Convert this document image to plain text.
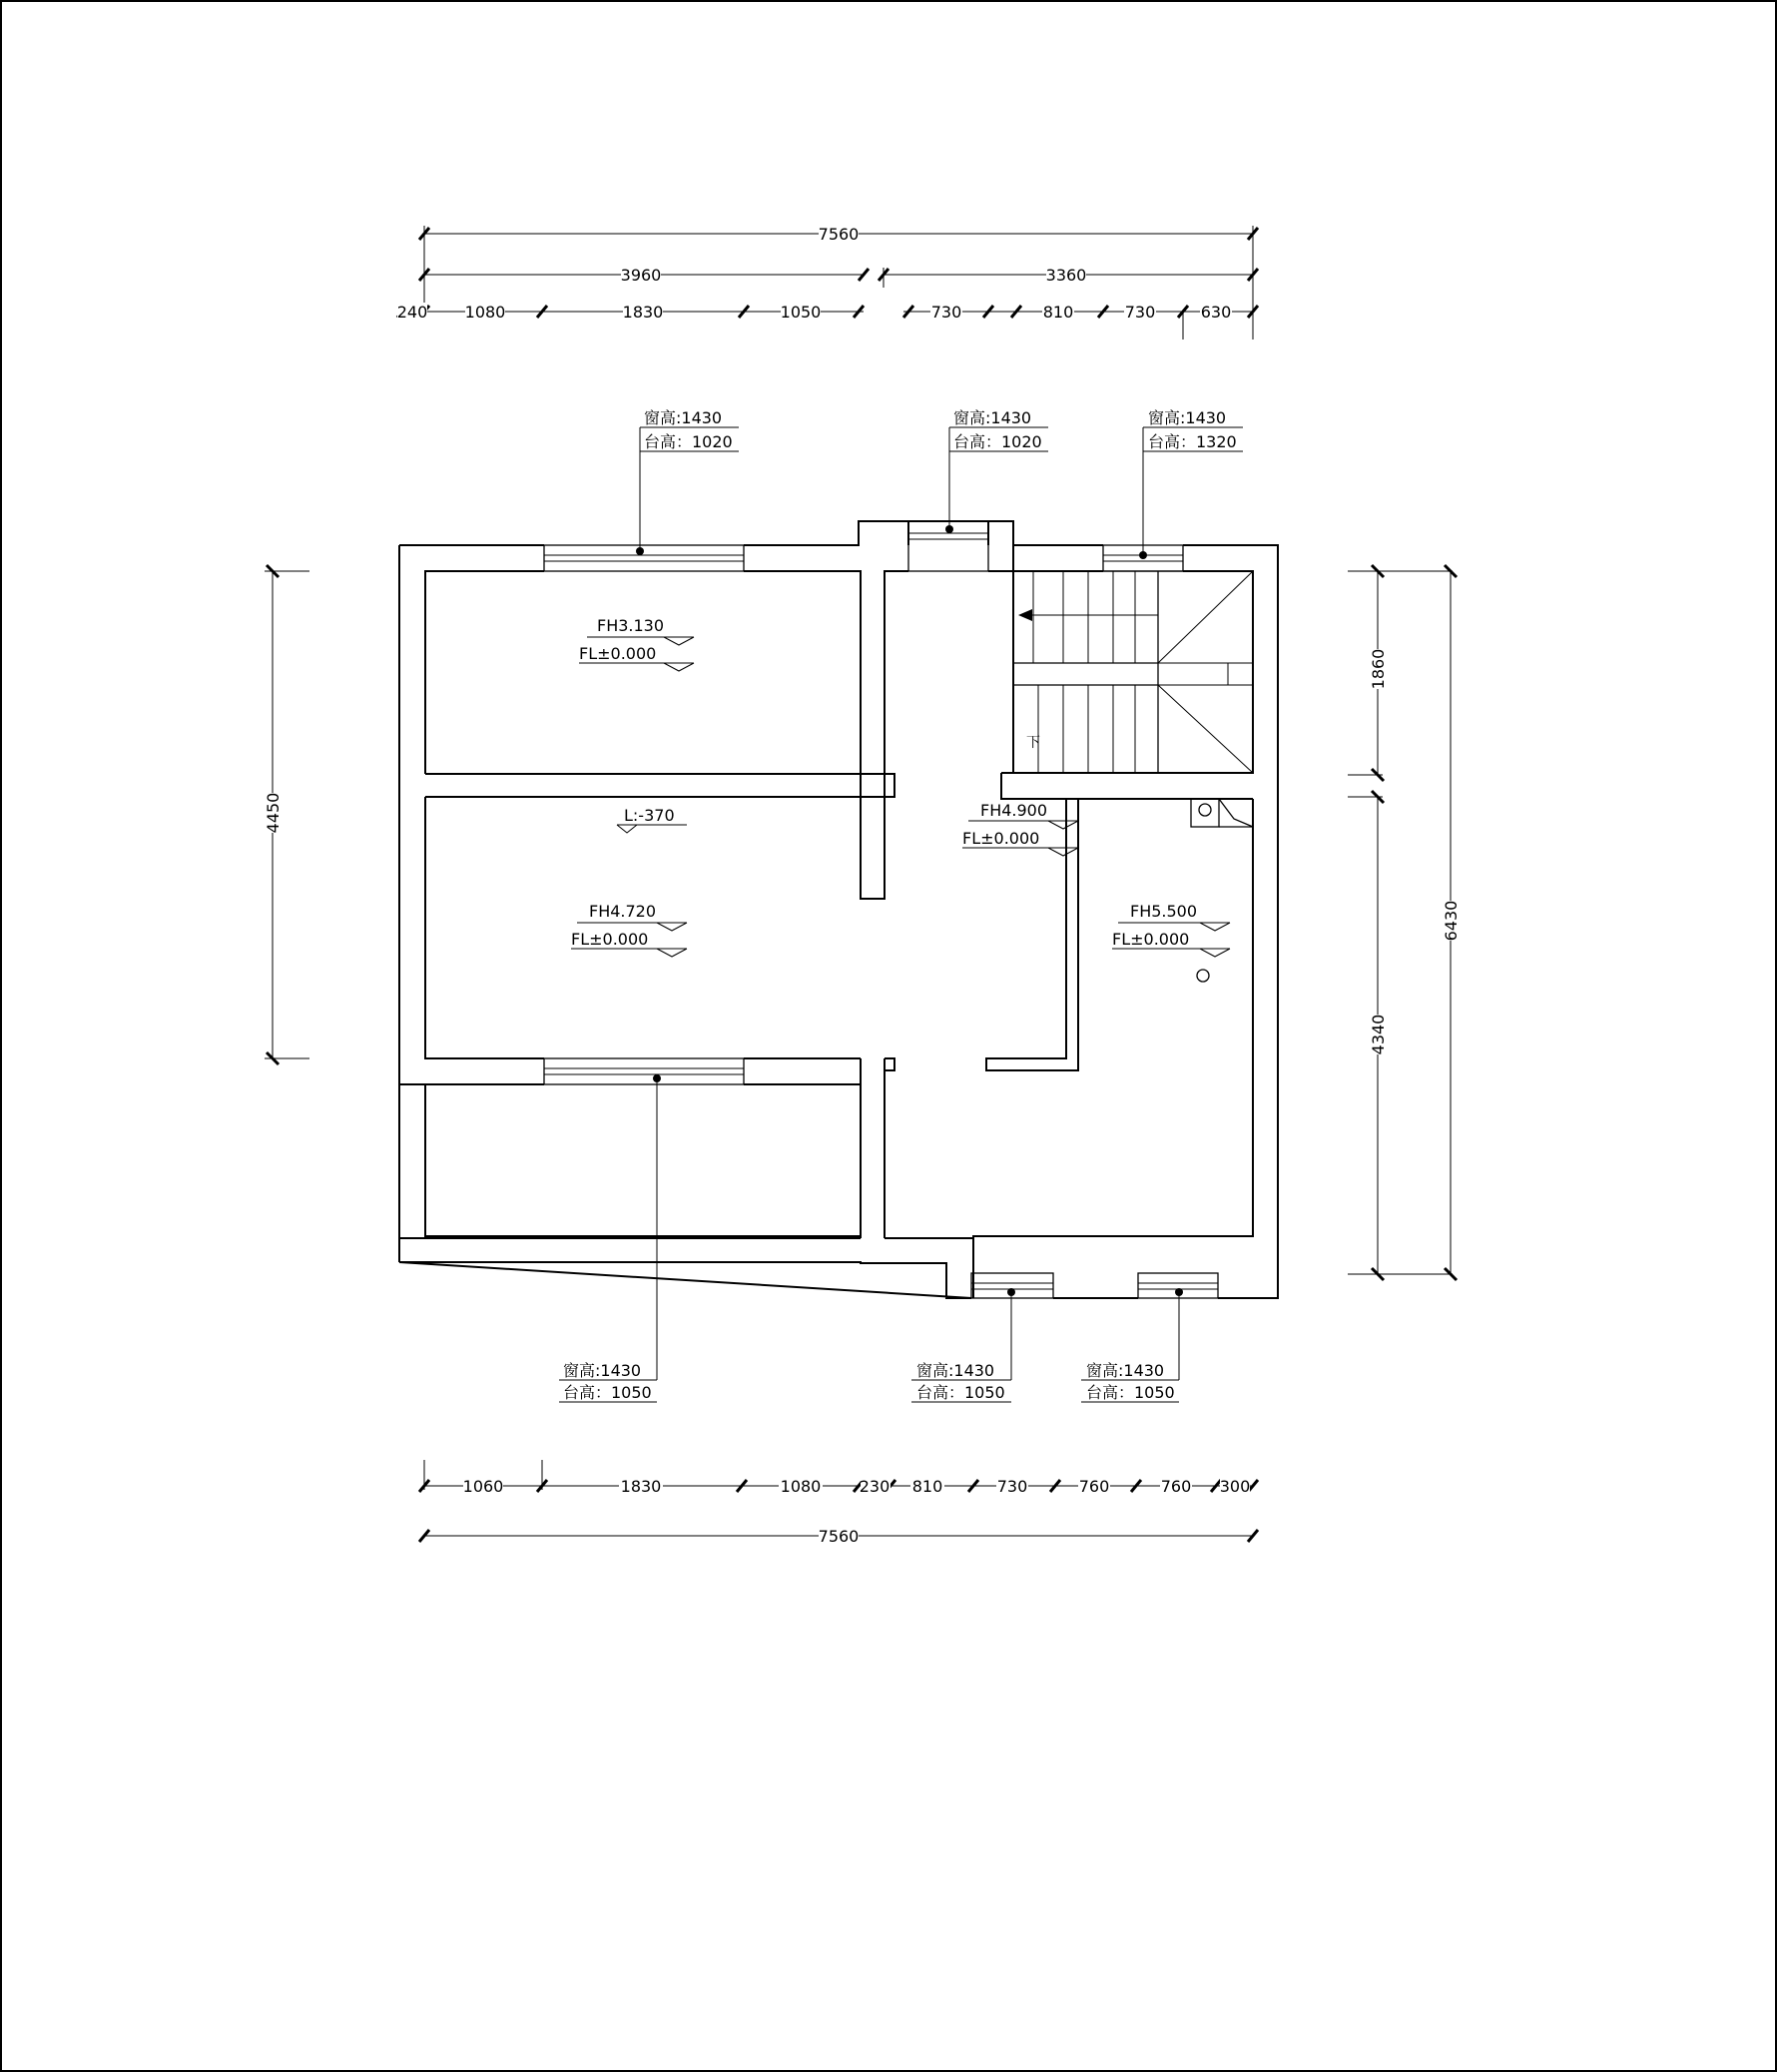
7560
3960	3360
240 1080	1830	1050	730	810	730	630
4450
1860
4340
6430
1060	1830	1080 230 810	730	760	760 300
7560
下
窗高:1430
台高：1020
窗高:1430
台高：1020
窗高:1430
台高：1320
窗高:1430
台高：1050
窗高:1430
台高：1050
窗高:1430
台高：1050
FH3.130
FL±0.000
L:-370
FH4.720
FL±0.000
FH4.900
FL±0.000
FH5.500
FL±0.000
